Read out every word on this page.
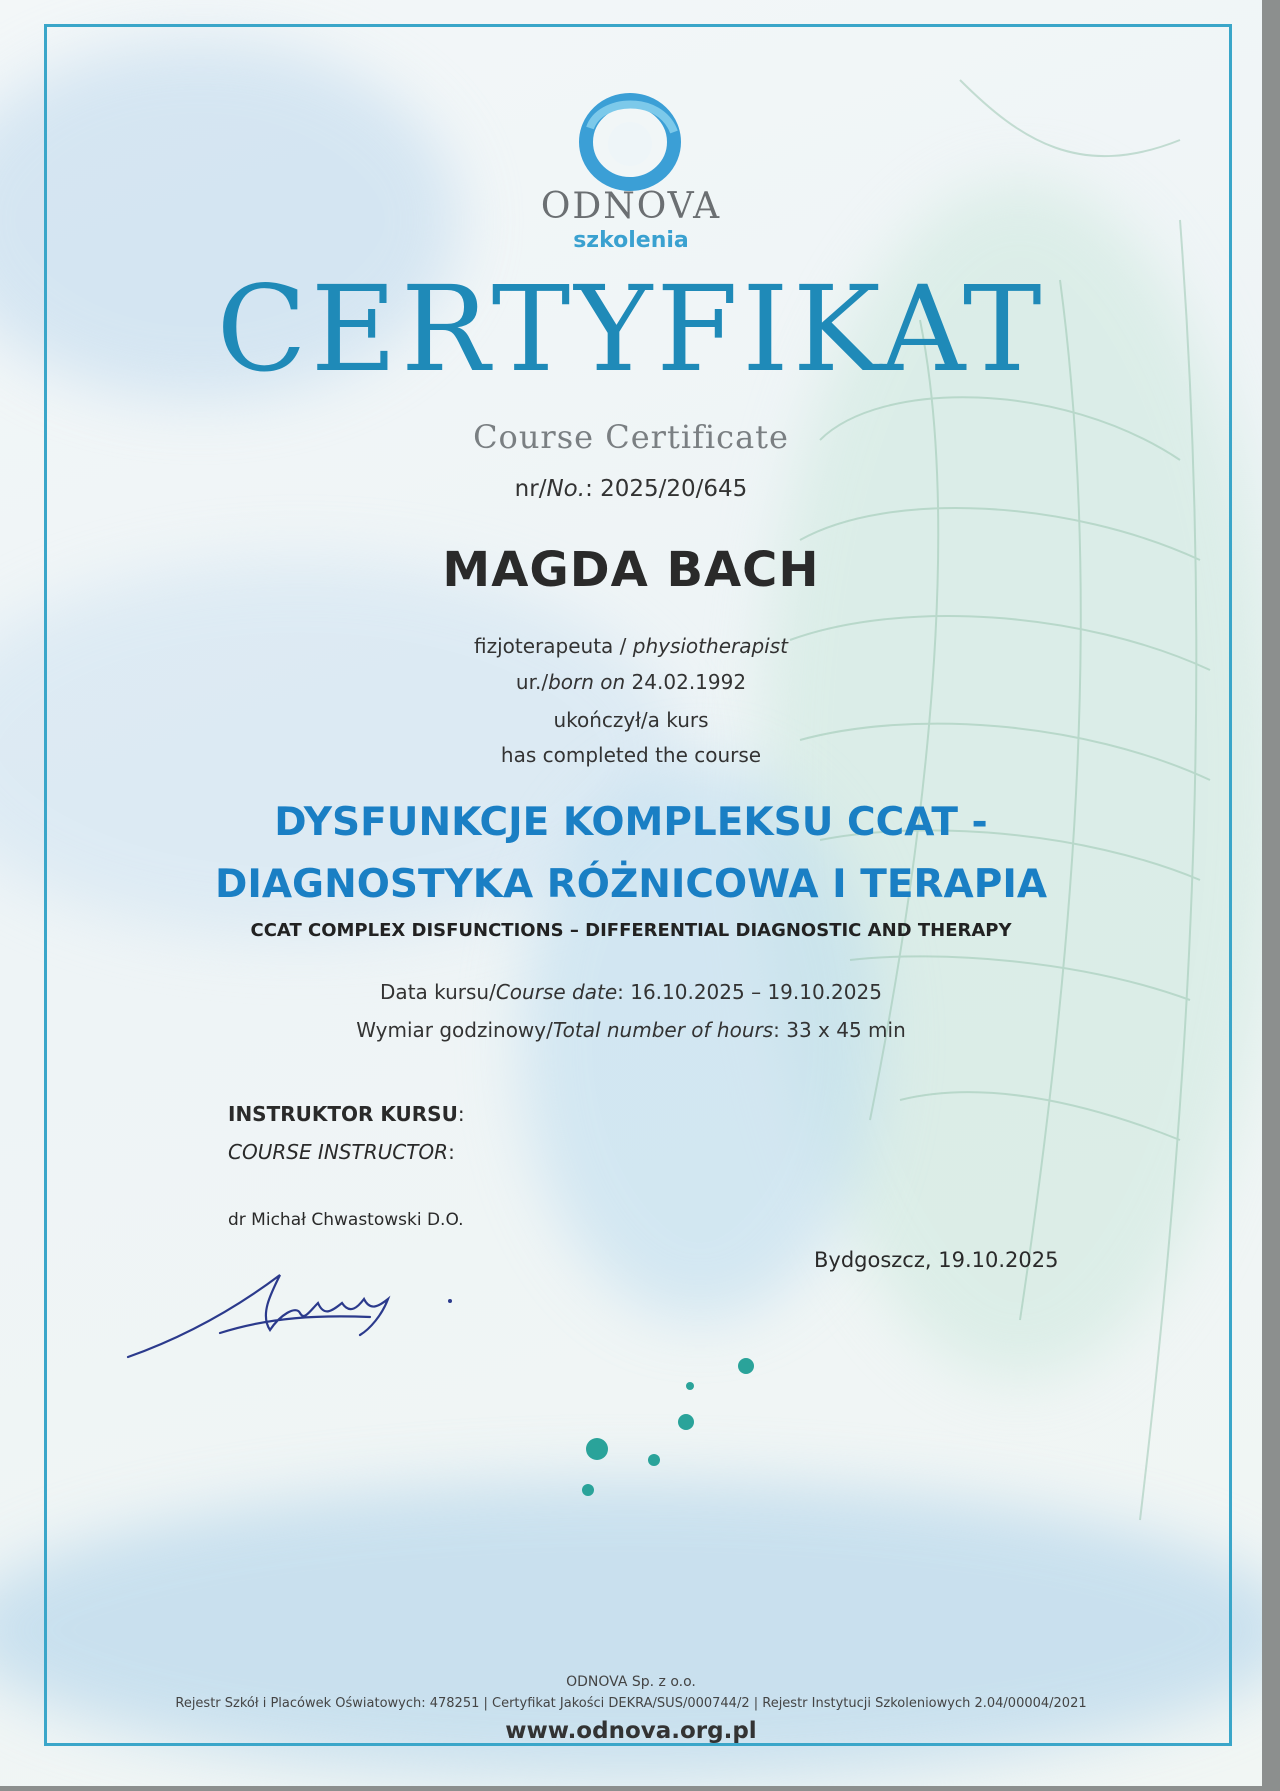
ODNOVA
szkolenia
CERTYFIKAT
Course Certificate
nr/No.: 2025/20/645
MAGDA BACH
fizjoterapeuta / physiotherapist
ur./born on 24.02.1992
ukończył/a kurs
has completed the course
DYSFUNKCJE KOMPLEKSU CCAT -
DIAGNOSTYKA RÓŻNICOWA I TERAPIA
CCAT COMPLEX DISFUNCTIONS – DIFFERENTIAL DIAGNOSTIC AND THERAPY
Data kursu/Course date: 16.10.2025 – 19.10.2025
Wymiar godzinowy/Total number of hours: 33 x 45 min
INSTRUKTOR KURSU:
COURSE INSTRUCTOR:
dr Michał Chwastowski D.O.
Bydgoszcz, 19.10.2025
ODNOVA Sp. z o.o.
Rejestr Szkół i Placówek Oświatowych: 478251 | Certyfikat Jakości DEKRA/SUS/000744/2 | Rejestr Instytucji Szkoleniowych 2.04/00004/2021
www.odnova.org.pl
